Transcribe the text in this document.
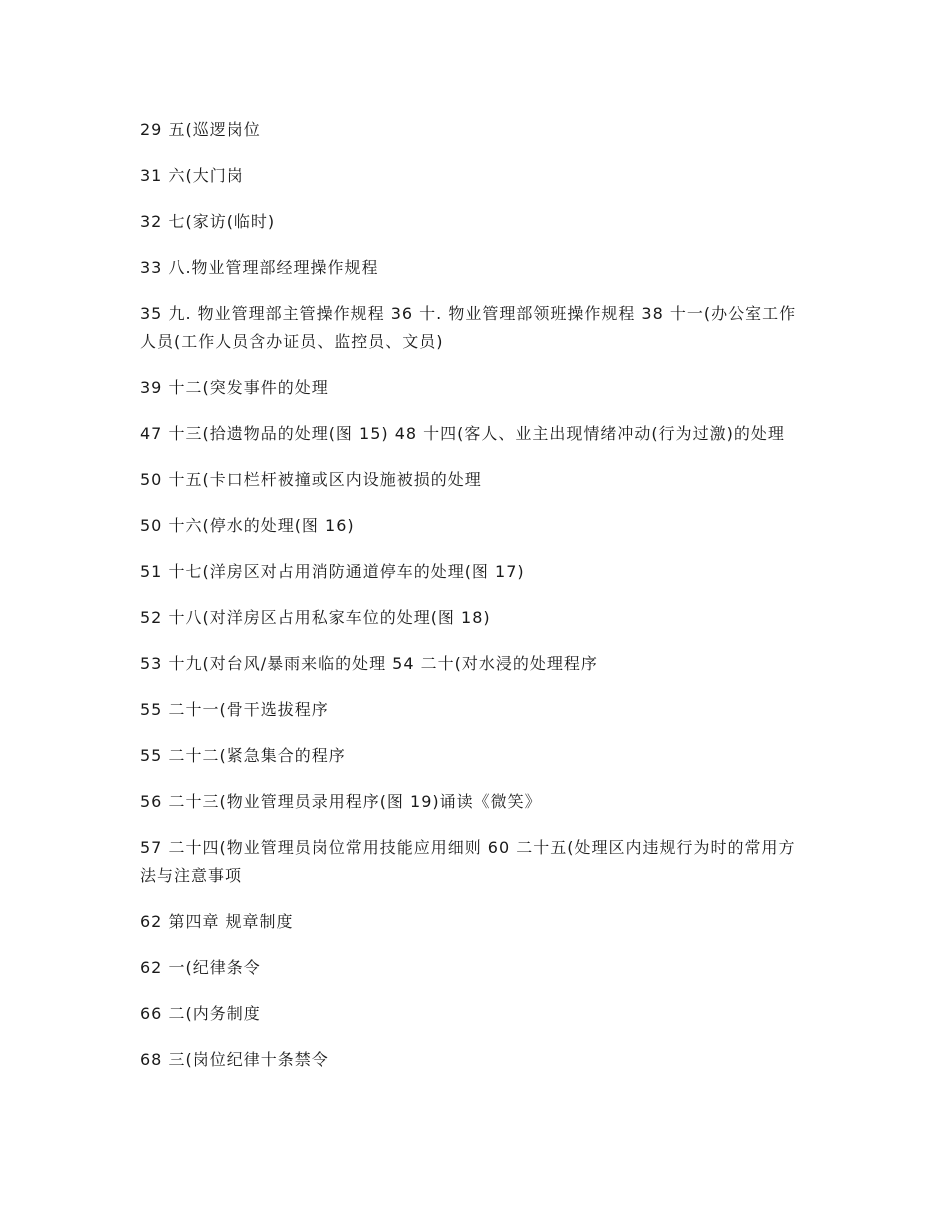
29 五(巡逻岗位

31 六(大门岗

32 七(家访(临时)

33 八.物业管理部经理操作规程

35 九. 物业管理部主管操作规程 36 十. 物业管理部领班操作规程 38 十一(办公室工作人员(工作人员含办证员、监控员、文员)

39 十二(突发事件的处理

47 十三(拾遗物品的处理(图 15) 48 十四(客人、业主出现情绪冲动(行为过激)的处理

50 十五(卡口栏杆被撞或区内设施被损的处理

50 十六(停水的处理(图 16)

51 十七(洋房区对占用消防通道停车的处理(图 17)

52 十八(对洋房区占用私家车位的处理(图 18)

53 十九(对台风/暴雨来临的处理 54 二十(对水浸的处理程序

55 二十一(骨干选拔程序

55 二十二(紧急集合的程序

56 二十三(物业管理员录用程序(图 19)诵读《微笑》

57 二十四(物业管理员岗位常用技能应用细则 60 二十五(处理区内违规行为时的常用方法与注意事项

62 第四章 规章制度

62 一(纪律条令

66 二(内务制度

68 三(岗位纪律十条禁令
